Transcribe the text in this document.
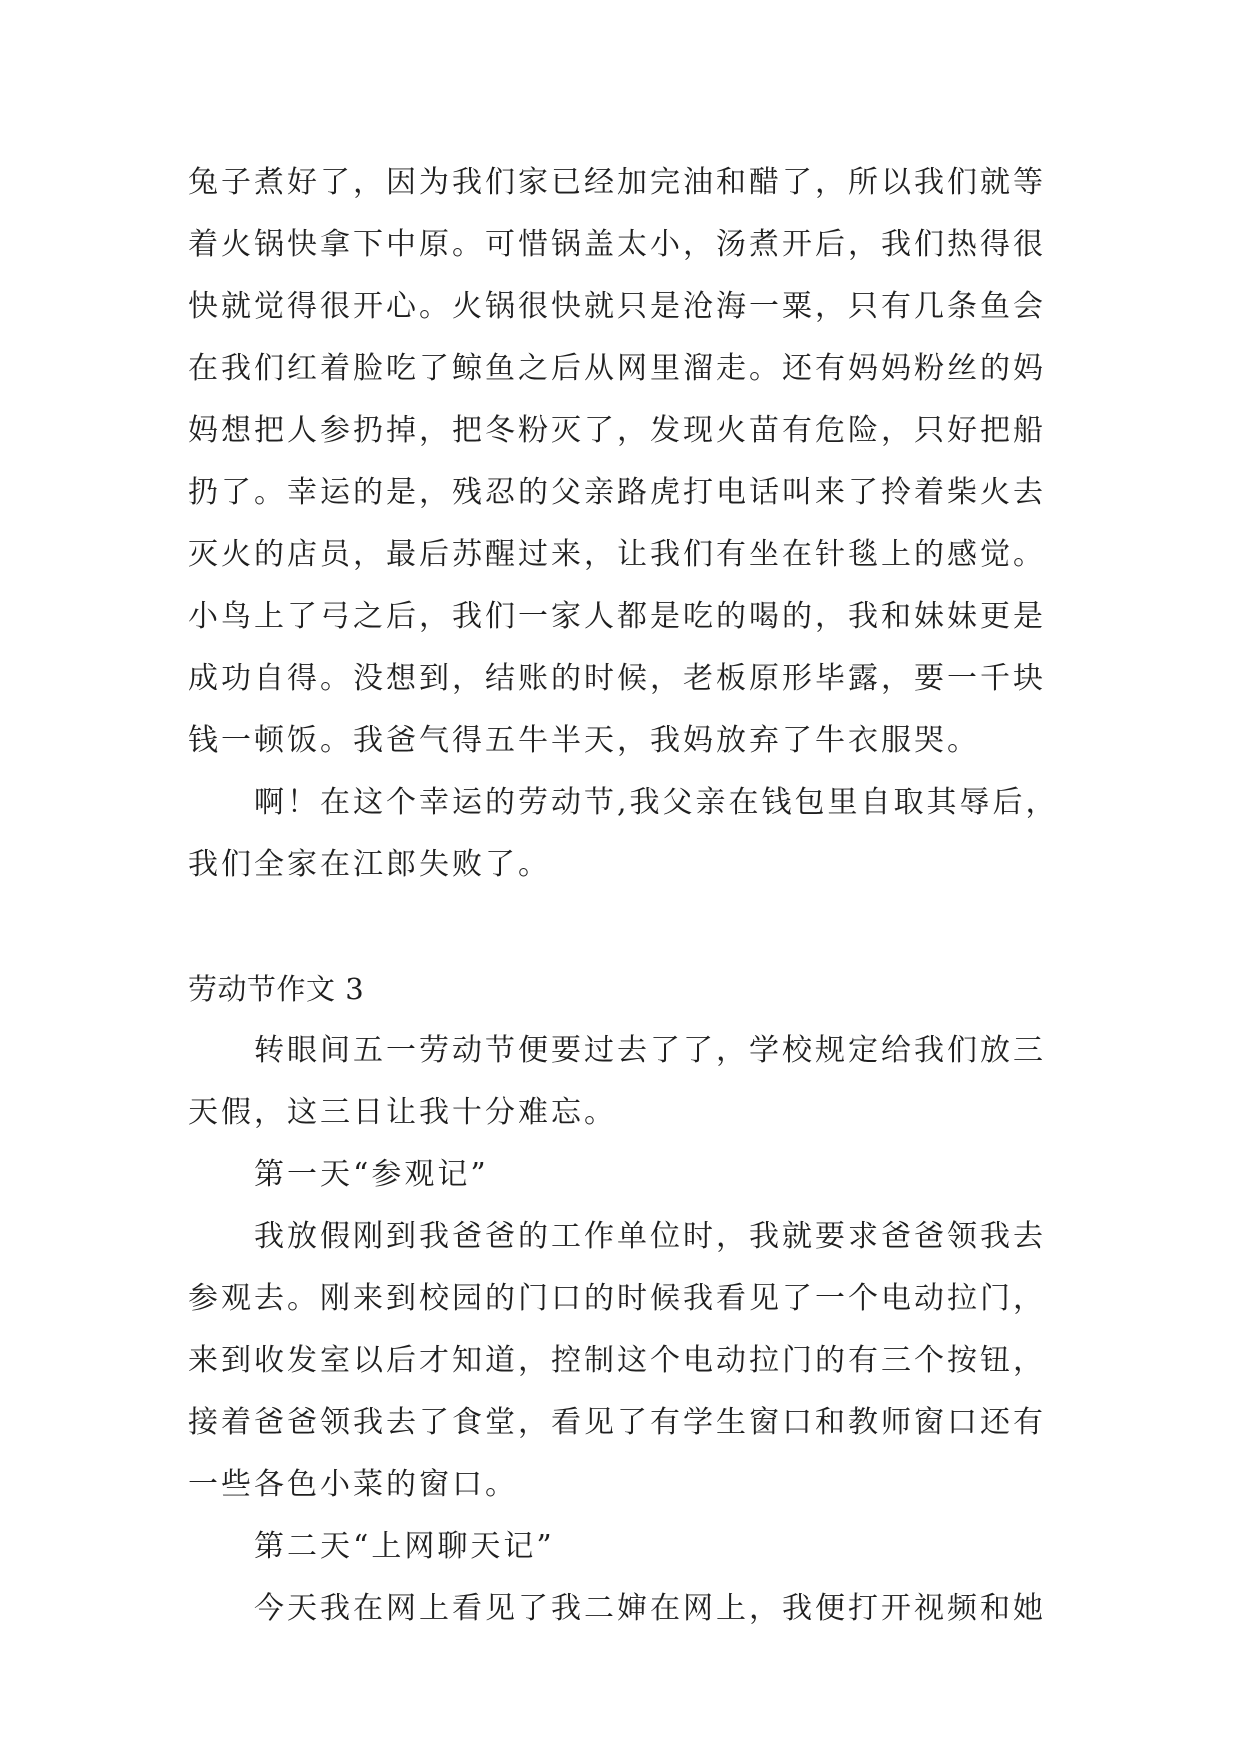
兔子煮好了，因为我们家已经加完油和醋了，所以我们就等
着火锅快拿下中原。可惜锅盖太小，汤煮开后，我们热得很
快就觉得很开心。火锅很快就只是沧海一粟，只有几条鱼会
在我们红着脸吃了鲸鱼之后从网里溜走。还有妈妈粉丝的妈
妈想把人参扔掉，把冬粉灭了，发现火苗有危险，只好把船
扔了。幸运的是，残忍的父亲路虎打电话叫来了拎着柴火去
灭火的店员，最后苏醒过来，让我们有坐在针毯上的感觉。
小鸟上了弓之后，我们一家人都是吃的喝的，我和妹妹更是
成功自得。没想到，结账的时候，老板原形毕露，要一千块
钱一顿饭。我爸气得五牛半天，我妈放弃了牛衣服哭。
啊！在这个幸运的劳动节,我父亲在钱包里自取其辱后，
我们全家在江郎失败了。
劳动节作文 3
转眼间五一劳动节便要过去了了，学校规定给我们放三
天假，这三日让我十分难忘。
第一天“参观记”
我放假刚到我爸爸的工作单位时，我就要求爸爸领我去
参观去。刚来到校园的门口的时候我看见了一个电动拉门，
来到收发室以后才知道，控制这个电动拉门的有三个按钮，
接着爸爸领我去了食堂，看见了有学生窗口和教师窗口还有
一些各色小菜的窗口。
第二天“上网聊天记”
今天我在网上看见了我二婶在网上，我便打开视频和她
